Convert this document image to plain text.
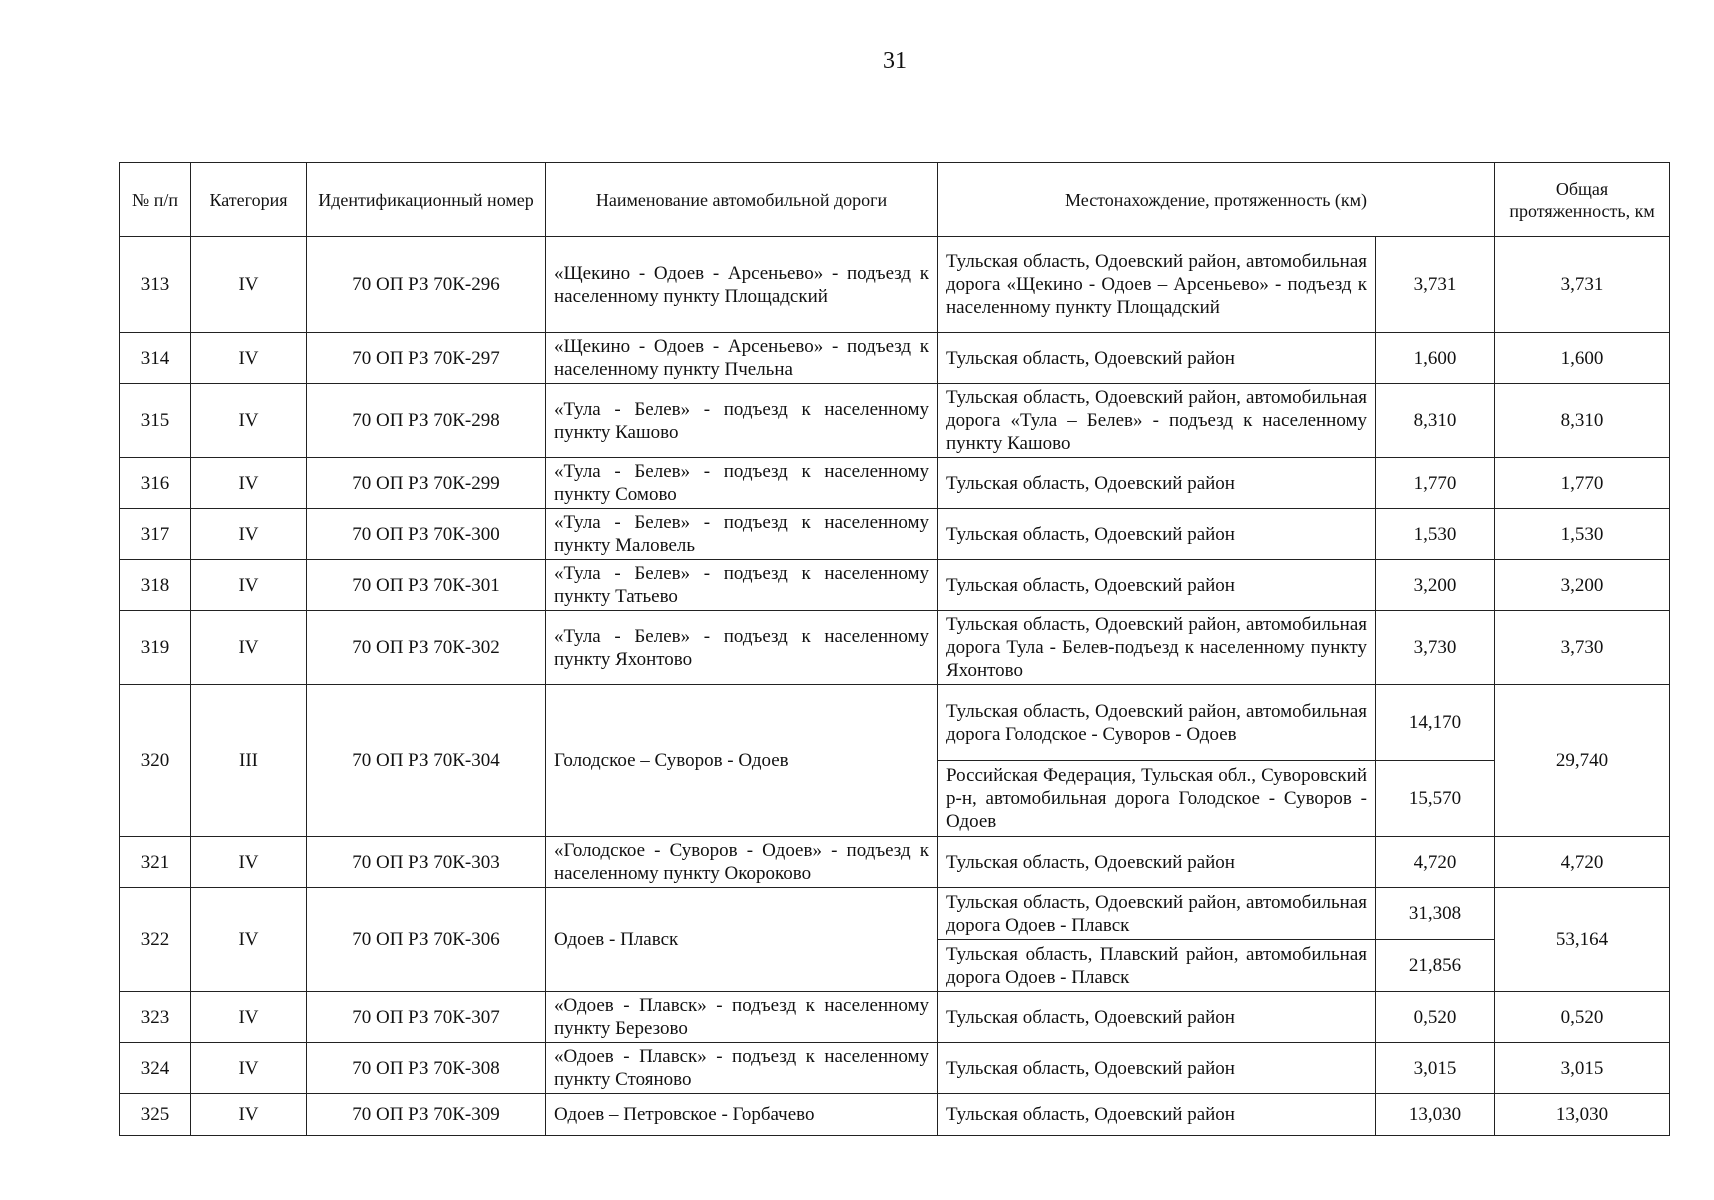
31
№ п/п	Категория	Идентификационный номер	Наименование автомобильной дороги	Местонахождение, протяженность (км)		Общая протяженность, км
313	IV	70 ОП РЗ 70К-296	«Щекино - Одоев - Арсеньево» - подъезд к населенному пункту Площадский	Тульская область, Одоевский район, автомобильная дорога «Щекино - Одоев – Арсеньево» - подъезд к населенному пункту Площадский	3,731	3,731
314	IV	70 ОП РЗ 70К-297	«Щекино - Одоев - Арсеньево» - подъезд к населенному пункту Пчельна	Тульская область, Одоевский район	1,600	1,600
315	IV	70 ОП РЗ 70К-298	«Тула - Белев» - подъезд к населенному пункту Кашово	Тульская область, Одоевский район, автомобильная дорога «Тула – Белев» - подъезд к населенному пункту Кашово	8,310	8,310
316	IV	70 ОП РЗ 70К-299	«Тула - Белев» - подъезд к населенному пункту Сомово	Тульская область, Одоевский район	1,770	1,770
317	IV	70 ОП РЗ 70К-300	«Тула - Белев» - подъезд к населенному пункту Маловель	Тульская область, Одоевский район	1,530	1,530
318	IV	70 ОП РЗ 70К-301	«Тула - Белев» - подъезд к населенному пункту Татьево	Тульская область, Одоевский район	3,200	3,200
319	IV	70 ОП РЗ 70К-302	«Тула - Белев» - подъезд к населенному пункту Яхонтово	Тульская область, Одоевский район, автомобильная дорога Тула - Белев-подъезд к населенному пункту Яхонтово	3,730	3,730
320	III	70 ОП РЗ 70К-304	Голодское – Суворов - Одоев	Тульская область, Одоевский район, автомобильная дорога Голодское - Суворов - Одоев	14,170	29,740
				Российская Федерация, Тульская обл., Суворовский р-н, автомобильная дорога Голодское - Суворов - Одоев	15,570	
321	IV	70 ОП РЗ 70К-303	«Голодское - Суворов - Одоев» - подъезд к населенному пункту Окороково	Тульская область, Одоевский район	4,720	4,720
322	IV	70 ОП РЗ 70К-306	Одоев - Плавск	Тульская область, Одоевский район, автомобильная дорога Одоев - Плавск	31,308	53,164
				Тульская область, Плавский район, автомобильная дорога Одоев - Плавск	21,856	
323	IV	70 ОП РЗ 70К-307	«Одоев - Плавск» - подъезд к населенному пункту Березово	Тульская область, Одоевский район	0,520	0,520
324	IV	70 ОП РЗ 70К-308	«Одоев - Плавск» - подъезд к населенному пункту Стояново	Тульская область, Одоевский район	3,015	3,015
325	IV	70 ОП РЗ 70К-309	Одоев – Петровское - Горбачево	Тульская область, Одоевский район	13,030	13,030
